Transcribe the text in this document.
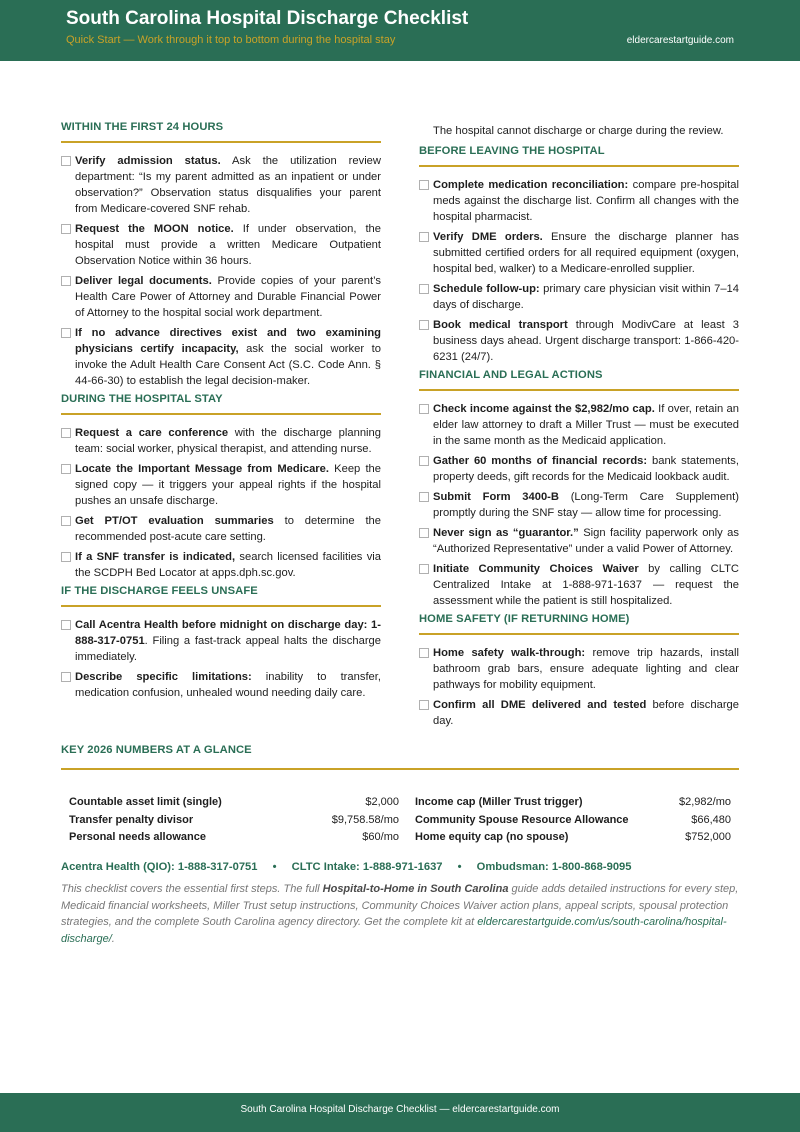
South Carolina Hospital Discharge Checklist
Quick Start — Work through it top to bottom during the hospital stay	eldercarestartguide.com
WITHIN THE FIRST 24 HOURS
Verify admission status. Ask the utilization review department: “Is my parent admitted as an inpatient or under observation?” Observation status disqualifies your parent from Medicare-covered SNF rehab.
Request the MOON notice. If under observation, the hospital must provide a written Medicare Outpatient Observation Notice within 36 hours.
Deliver legal documents. Provide copies of your parent’s Health Care Power of Attorney and Durable Financial Power of Attorney to the hospital social work department.
If no advance directives exist and two examining physicians certify incapacity, ask the social worker to invoke the Adult Health Care Consent Act (S.C. Code Ann. § 44-66-30) to establish the legal decision-maker.
DURING THE HOSPITAL STAY
Request a care conference with the discharge planning team: social worker, physical therapist, and attending nurse.
Locate the Important Message from Medicare. Keep the signed copy — it triggers your appeal rights if the hospital pushes an unsafe discharge.
Get PT/OT evaluation summaries to determine the recommended post-acute care setting.
If a SNF transfer is indicated, search licensed facilities via the SCDPH Bed Locator at apps.dph.sc.gov.
IF THE DISCHARGE FEELS UNSAFE
Call Acentra Health before midnight on discharge day: 1-888-317-0751. Filing a fast-track appeal halts the discharge immediately.
Describe specific limitations: inability to transfer, medication confusion, unhealed wound needing daily care.
The hospital cannot discharge or charge during the review.
BEFORE LEAVING THE HOSPITAL
Complete medication reconciliation: compare pre-hospital meds against the discharge list. Confirm all changes with the hospital pharmacist.
Verify DME orders. Ensure the discharge planner has submitted certified orders for all required equipment (oxygen, hospital bed, walker) to a Medicare-enrolled supplier.
Schedule follow-up: primary care physician visit within 7–14 days of discharge.
Book medical transport through ModivCare at least 3 business days ahead. Urgent discharge transport: 1-866-420-6231 (24/7).
FINANCIAL AND LEGAL ACTIONS
Check income against the $2,982/mo cap. If over, retain an elder law attorney to draft a Miller Trust — must be executed in the same month as the Medicaid application.
Gather 60 months of financial records: bank statements, property deeds, gift records for the Medicaid lookback audit.
Submit Form 3400-B (Long-Term Care Supplement) promptly during the SNF stay — allow time for processing.
Never sign as “guarantor.” Sign facility paperwork only as “Authorized Representative” under a valid Power of Attorney.
Initiate Community Choices Waiver by calling CLTC Centralized Intake at 1-888-971-1637 — request the assessment while the patient is still hospitalized.
HOME SAFETY (IF RETURNING HOME)
Home safety walk-through: remove trip hazards, install bathroom grab bars, ensure adequate lighting and clear pathways for mobility equipment.
Confirm all DME delivered and tested before discharge day.
KEY 2026 NUMBERS AT A GLANCE
Countable asset limit (single)	$2,000
Transfer penalty divisor	$9,758.58/mo
Personal needs allowance	$60/mo
Income cap (Miller Trust trigger)	$2,982/mo
Community Spouse Resource Allowance	$66,480
Home equity cap (no spouse)	$752,000
Acentra Health (QIO): 1-888-317-0751 • CLTC Intake: 1-888-971-1637 • Ombudsman: 1-800-868-9095
This checklist covers the essential first steps. The full Hospital-to-Home in South Carolina guide adds detailed instructions for every step, Medicaid financial worksheets, Miller Trust setup instructions, Community Choices Waiver action plans, appeal scripts, spousal protection strategies, and the complete South Carolina agency directory. Get the complete kit at eldercarestartguide.com/us/south-carolina/hospital-discharge/.
South Carolina Hospital Discharge Checklist — eldercarestartguide.com
